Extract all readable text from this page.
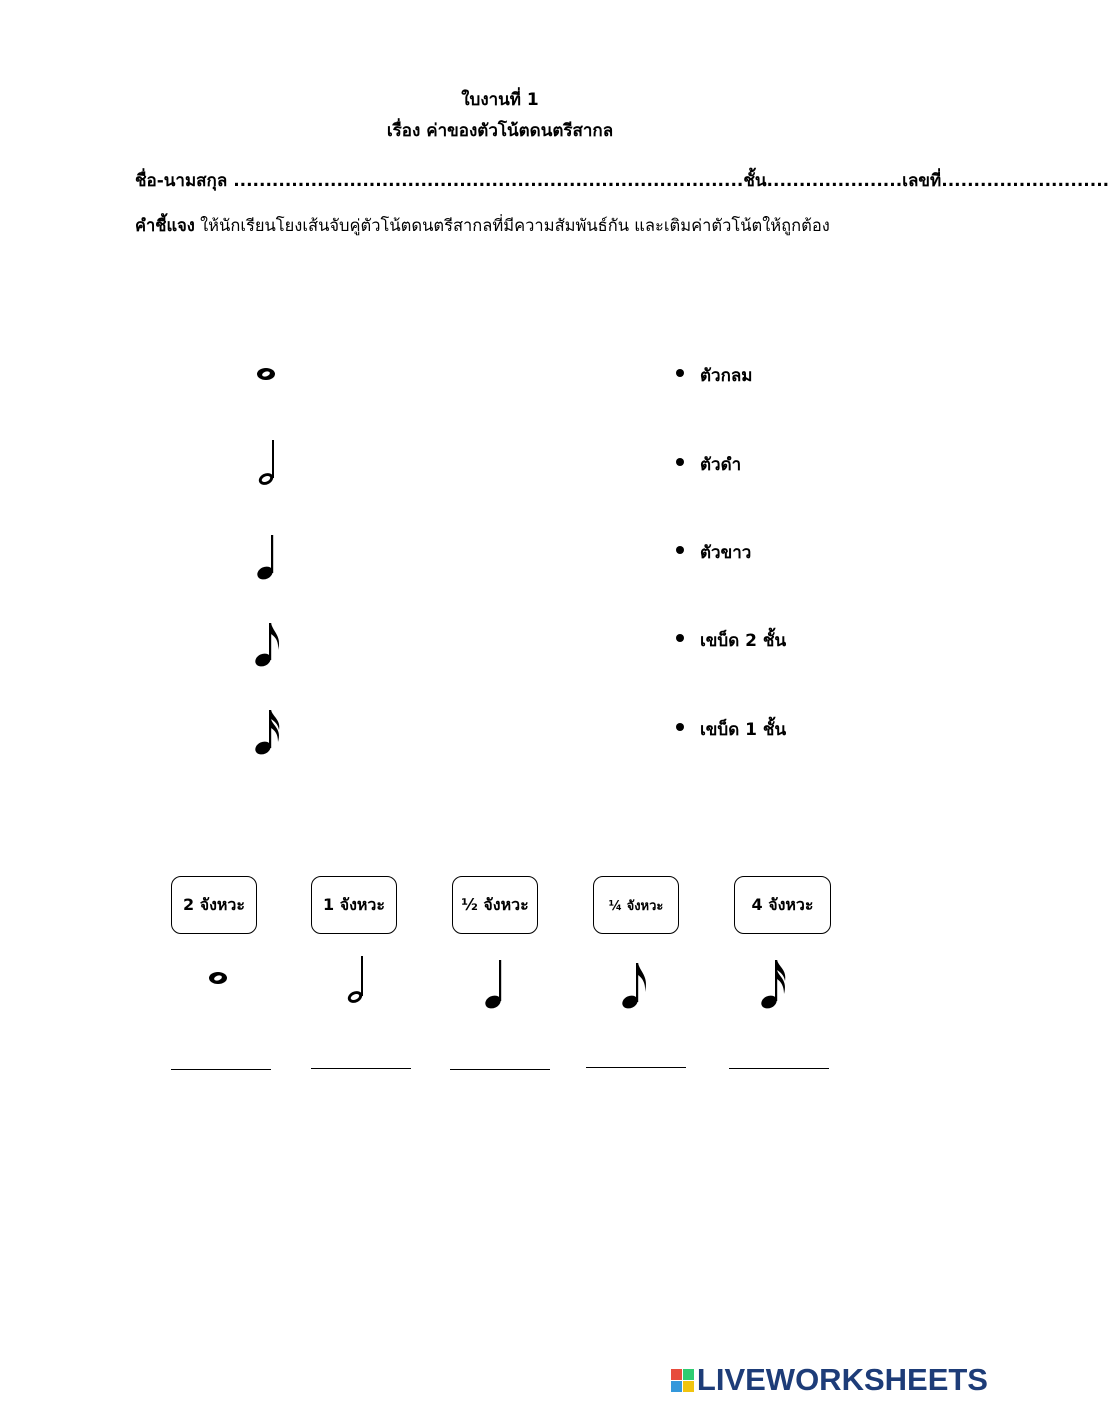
ใบงานที่ 1
เรื่อง ค่าของตัวโน้ตดนตรีสากล
ชื่อ-นามสกุล ...............................................................................ชั้น.....................เลขที่..........................
คำชี้แจง ให้นักเรียนโยงเส้นจับคู่ตัวโน้ตดนตรีสากลที่มีความสัมพันธ์กัน และเติมค่าตัวโน้ตให้ถูกต้อง
ตัวกลม
ตัวดำ
ตัวขาว
เขบ็ด 2 ชั้น
เขบ็ด 1 ชั้น
2 จังหวะ	1 จังหวะ	½ จังหวะ	¼ จังหวะ	4 จังหวะ
LIVEWORKSHEETS
